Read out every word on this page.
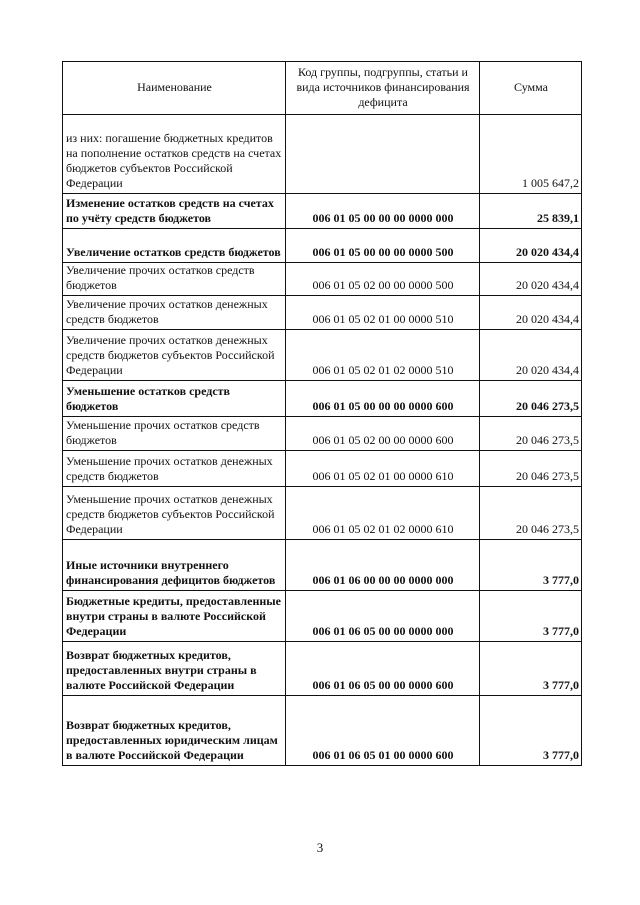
Наименование	Код группы, подгруппы, статьи и вида источников финансирования дефицита	Сумма
из них: погашение бюджетных кредитов на пополнение остатков средств на счетах бюджетов субъектов Российской Федерации		1 005 647,2
Изменение остатков средств на счетах по учёту средств бюджетов	006 01 05 00 00 00 0000 000	25 839,1
Увеличение остатков средств бюджетов	006 01 05 00 00 00 0000 500	20 020 434,4
Увеличение прочих остатков средств бюджетов	006 01 05 02 00 00 0000 500	20 020 434,4
Увеличение прочих остатков денежных средств бюджетов	006 01 05 02 01 00 0000 510	20 020 434,4
Увеличение прочих остатков денежных средств бюджетов субъектов Российской Федерации	006 01 05 02 01 02 0000 510	20 020 434,4
Уменьшение остатков средств бюджетов	006 01 05 00 00 00 0000 600	20 046 273,5
Уменьшение прочих остатков средств бюджетов	006 01 05 02 00 00 0000 600	20 046 273,5
Уменьшение прочих остатков денежных средств бюджетов	006 01 05 02 01 00 0000 610	20 046 273,5
Уменьшение прочих остатков денежных средств бюджетов субъектов Российской Федерации	006 01 05 02 01 02 0000 610	20 046 273,5
Иные источники внутреннего финансирования дефицитов бюджетов	006 01 06 00 00 00 0000 000	3 777,0
Бюджетные кредиты, предоставленные внутри страны в валюте Российской Федерации	006 01 06 05 00 00 0000 000	3 777,0
Возврат бюджетных кредитов, предоставленных внутри страны в валюте Российской Федерации	006 01 06 05 00 00 0000 600	3 777,0
Возврат бюджетных кредитов, предоставленных юридическим лицам в валюте Российской Федерации	006 01 06 05 01 00 0000 600	3 777,0
3
